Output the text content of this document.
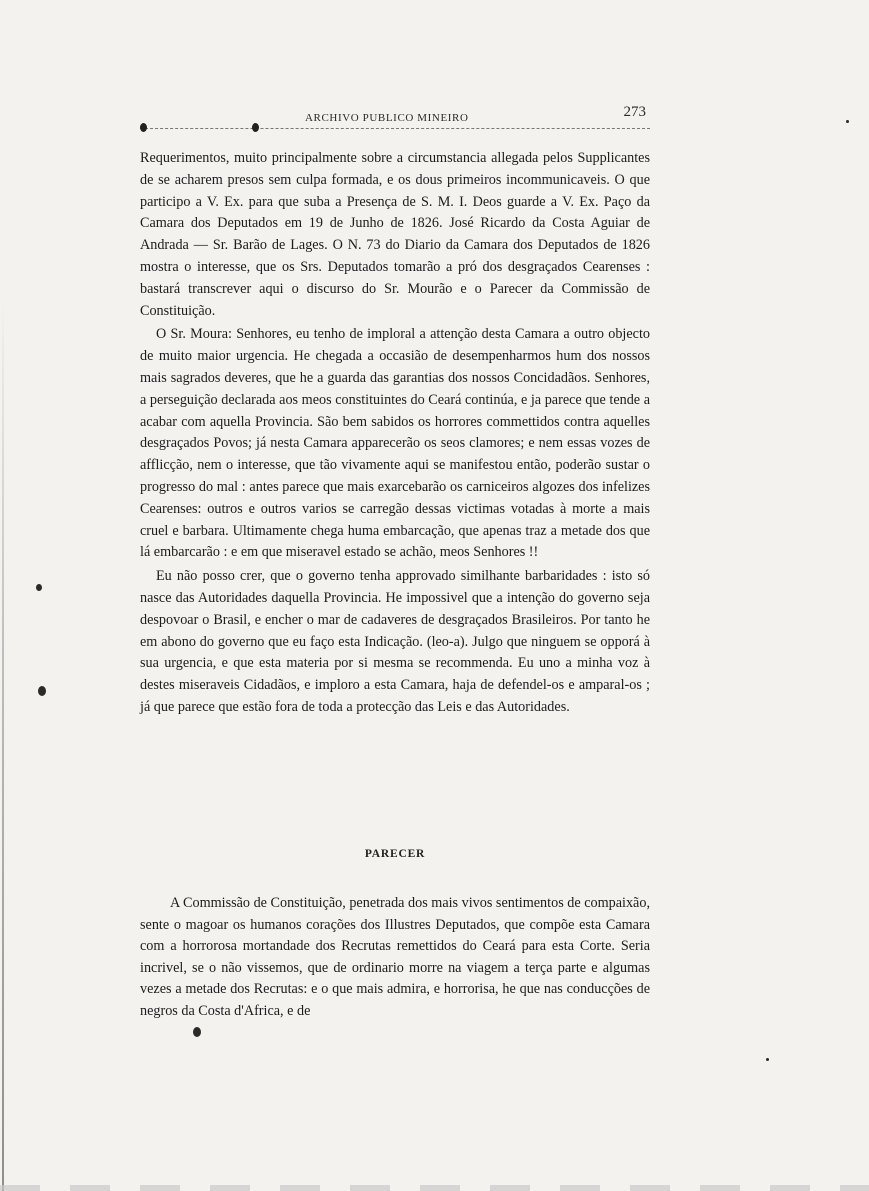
ARCHIVO PUBLICO MINEIRO	273

Requerimentos, muito principalmente sobre a circumstancia allegada pelos Supplicantes de se acharem presos sem culpa formada, e os dous primeiros incommunicaveis. O que participo a V. Ex. para que suba a Presença de S. M. I. Deos guarde a V. Ex. Paço da Camara dos Deputados em 19 de Junho de 1826. José Ricardo da Costa Aguiar de Andrada — Sr. Barão de Lages. O N. 73 do Diario da Camara dos Deputados de 1826 mostra o interesse, que os Srs. Deputados tomarão a pró dos desgraçados Cearenses : bastará transcrever aqui o discurso do Sr. Mourão e o Parecer da Commissão de Constituição.

O Sr. Moura: Senhores, eu tenho de imploral a attenção desta Camara a outro objecto de muito maior urgencia. He chegada a occasião de desempenharmos hum dos nossos mais sagrados deveres, que he a guarda das garantias dos nossos Concidadãos. Senhores, a perseguição declarada aos meos constituintes do Ceará continúa, e ja parece que tende a acabar com aquella Provincia. São bem sabidos os horrores commettidos contra aquelles desgraçados Povos; já nesta Camara apparecerão os seos clamores; e nem essas vozes de afflicção, nem o interesse, que tão vivamente aqui se manifestou então, poderão sustar o progresso do mal : antes parece que mais exarcebarão os carniceiros algozes dos infelizes Cearenses: outros e outros varios se carregão dessas victimas votadas à morte a mais cruel e barbara. Ultimamente chega huma embarcação, que apenas traz a metade dos que lá embarcarão : e em que miseravel estado se achão, meos Senhores !!

Eu não posso crer, que o governo tenha approvado similhante barbaridades : isto só nasce das Autoridades daquella Provincia. He impossivel que a intenção do governo seja despovoar o Brasil, e encher o mar de cadaveres de desgraçados Brasileiros. Por tanto he em abono do governo que eu faço esta Indicação. (leo-a). Julgo que ninguem se opporá à sua urgencia, e que esta materia por si mesma se recommenda. Eu uno a minha voz à destes miseraveis Cidadãos, e imploro a esta Camara, haja de defendel-os e amparal-os ; já que parece que estão fora de toda a protecção das Leis e das Autoridades.

PARECER

A Commissão de Constituição, penetrada dos mais vivos sentimentos de compaixão, sente o magoar os humanos corações dos Illustres Deputados, que compõe esta Camara com a horrorosa mortandade dos Recrutas remettidos do Ceará para esta Corte. Seria incrivel, se o não vissemos, que de ordinario morre na viagem a terça parte e algumas vezes a metade dos Recrutas: e o que mais admira, e horrorisa, he que nas conducções de negros da Costa d'Africa, e de
